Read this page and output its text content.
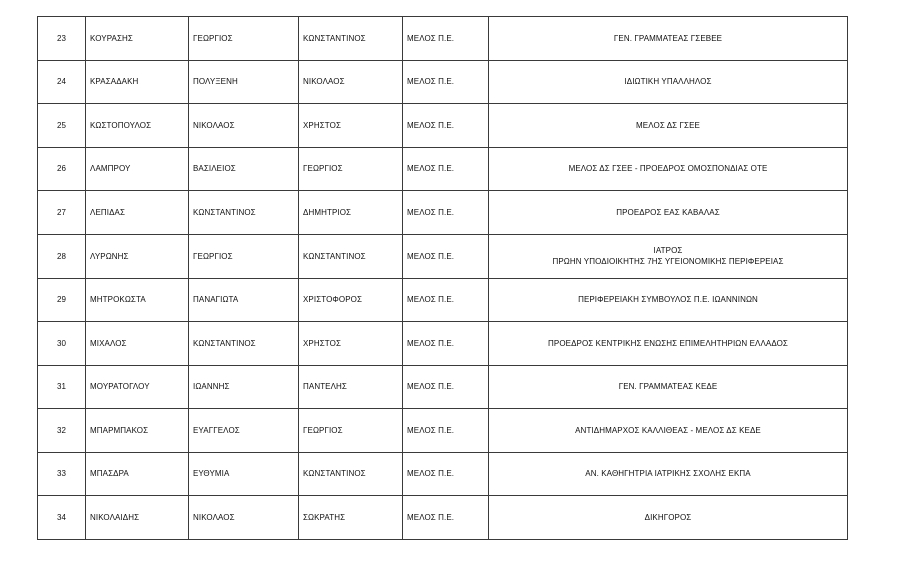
23	ΚΟΥΡΑΣΗΣ	ΓΕΩΡΓΙΟΣ	ΚΩΝΣΤΑΝΤΙΝΟΣ	ΜΕΛΟΣ Π.Ε.	ΓΕΝ. ΓΡΑΜΜΑΤΕΑΣ ΓΣΕΒΕΕ

24	ΚΡΑΣΑΔΑΚΗ	ΠΟΛΥΞΕΝΗ	ΝΙΚΟΛΑΟΣ	ΜΕΛΟΣ Π.Ε.	ΙΔΙΩΤΙΚΗ ΥΠΑΛΛΗΛΟΣ

25	ΚΩΣΤΟΠΟΥΛΟΣ	ΝΙΚΟΛΑΟΣ	ΧΡΗΣΤΟΣ	ΜΕΛΟΣ Π.Ε.	ΜΕΛΟΣ ΔΣ ΓΣΕΕ

26	ΛΑΜΠΡΟΥ	ΒΑΣΙΛΕΙΟΣ	ΓΕΩΡΓΙΟΣ	ΜΕΛΟΣ Π.Ε.	ΜΕΛΟΣ ΔΣ ΓΣΕΕ - ΠΡΟΕΔΡΟΣ ΟΜΟΣΠΟΝΔΙΑΣ ΟΤΕ

27	ΛΕΠΙΔΑΣ	ΚΩΝΣΤΑΝΤΙΝΟΣ	ΔΗΜΗΤΡΙΟΣ	ΜΕΛΟΣ Π.Ε.	ΠΡΟΕΔΡΟΣ ΕΑΣ ΚΑΒΑΛΑΣ

28	ΛΥΡΩΝΗΣ	ΓΕΩΡΓΙΟΣ	ΚΩΝΣΤΑΝΤΙΝΟΣ	ΜΕΛΟΣ Π.Ε.	ΙΑΤΡΟΣ
ΠΡΩΗΝ ΥΠΟΔΙΟΙΚΗΤΗΣ 7ΗΣ ΥΓΕΙΟΝΟΜΙΚΗΣ ΠΕΡΙΦΕΡΕΙΑΣ

29	ΜΗΤΡΟΚΩΣΤΑ	ΠΑΝΑΓΙΩΤΑ	ΧΡΙΣΤΟΦΟΡΟΣ	ΜΕΛΟΣ Π.Ε.	ΠΕΡΙΦΕΡΕΙΑΚΗ ΣΥΜΒΟΥΛΟΣ Π.Ε. ΙΩΑΝΝΙΝΩΝ

30	ΜΙΧΑΛΟΣ	ΚΩΝΣΤΑΝΤΙΝΟΣ	ΧΡΗΣΤΟΣ	ΜΕΛΟΣ Π.Ε.	ΠΡΟΕΔΡΟΣ ΚΕΝΤΡΙΚΗΣ ΕΝΩΣΗΣ ΕΠΙΜΕΛΗΤΗΡΙΩΝ ΕΛΛΑΔΟΣ

31	ΜΟΥΡΑΤΟΓΛΟΥ	ΙΩΑΝΝΗΣ	ΠΑΝΤΕΛΗΣ	ΜΕΛΟΣ Π.Ε.	ΓΕΝ. ΓΡΑΜΜΑΤΕΑΣ ΚΕΔΕ

32	ΜΠΑΡΜΠΑΚΟΣ	ΕΥΑΓΓΕΛΟΣ	ΓΕΩΡΓΙΟΣ	ΜΕΛΟΣ Π.Ε.	ΑΝΤΙΔΗΜΑΡΧΟΣ ΚΑΛΛΙΘΕΑΣ - ΜΕΛΟΣ ΔΣ ΚΕΔΕ

33	ΜΠΑΣΔΡΑ	ΕΥΘΥΜΙΑ	ΚΩΝΣΤΑΝΤΙΝΟΣ	ΜΕΛΟΣ Π.Ε.	ΑΝ. ΚΑΘΗΓΗΤΡΙΑ ΙΑΤΡΙΚΗΣ ΣΧΟΛΗΣ ΕΚΠΑ

34	ΝΙΚΟΛΑΙΔΗΣ	ΝΙΚΟΛΑΟΣ	ΣΩΚΡΑΤΗΣ	ΜΕΛΟΣ Π.Ε.	ΔΙΚΗΓΟΡΟΣ
